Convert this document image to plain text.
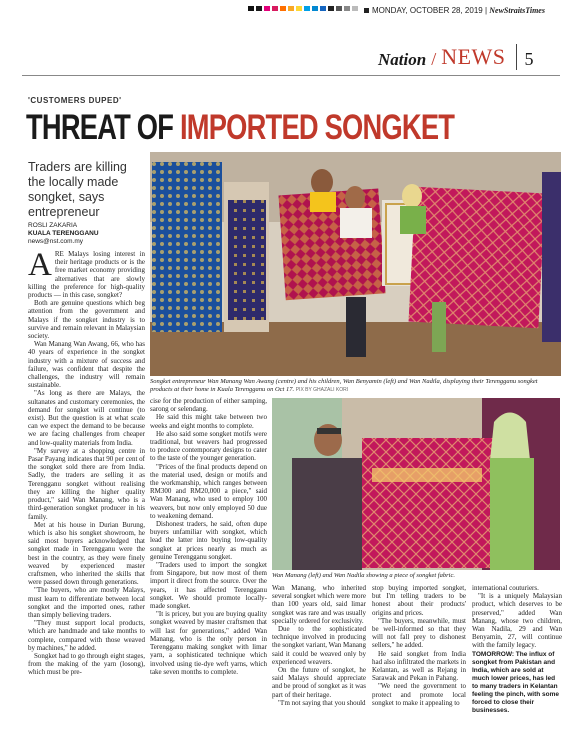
MONDAY, OCTOBER 28, 2019 | NewStraitsTimes
Nation / NEWS 5
'CUSTOMERS DUPED'
THREAT OF IMPORTED SONGKET
Traders are killing the locally made songket, says entrepreneur
ROSLI ZAKARIA
KUALA TERENGGANU
news@nst.com.my

ARE Malays losing interest in their heritage products or is the free market economy providing alternatives that are slowly killing the preference for high-quality products — in this case, songket?

Both are genuine questions which beg attention from the government and Malays if the songket industry is to survive and remain relevant in Malaysian society.

Wan Manang Wan Awang, 66, who has 40 years of experience in the songket industry with a mixture of success and failure, was confident that despite the challenges, the industry will remain sustainable.

"As long as there are Malays, the sultanates and customary ceremonies, the demand for songket will continue (to exist). But the question is at what scale can we expect the demand to be because we are facing challenges from cheaper and low-quality materials from India.

"My survey at a shopping centre in Pasar Payang indicates that 90 per cent of the songket sold there are from India. Sadly, the traders are selling it as Terengganu songket without realising they are killing the higher quality product," said Wan Manang, who is a third-generation songket producer in his family.

Met at his house in Durian Burung, which is also his songket showroom, he said most buyers acknowledged that songket made in Terengganu were the best in the country, as they were finely weaved by experienced master craftsmen, who inherited the skills that were passed down through generations.

"The buyers, who are mostly Malays, must learn to differentiate between local songket and the imported ones, rather than simply believing traders.

"They must support local products, which are handmade and take months to complete, compared with those weaved by machines," he added.

Songket had to go through eight stages, from the making of the yarn (losong), which must be pre-

Songket entrepreneur Wan Manang Wan Awang (centre) and his children, Wan Benyamin (left) and Wan Nadila, displaying their Terengganu songket products at their home in Kuala Terengganu on Oct 17. PIX BY GHAZALI KORI

cise for the production of either samping, sarong or selendang.

He said this might take between two weeks and eight months to complete.

He also said some songket motifs were traditional, but weavers had progressed to produce contemporary designs to cater to the taste of the younger generation.

"Prices of the final products depend on the material used, design or motifs and the workmanship, which ranges between RM300 and RM20,000 a piece," said Wan Manang, who used to employ 100 weavers, but now only employed 50 due to weakening demand.

Dishonest traders, he said, often dupe buyers unfamiliar with songket, which lead the latter into buying low-quality songket at prices nearly as much as genuine Terengganu songket.

"Traders used to import the songket from Singapore, but now most of them import it direct from the source. Over the years, it has affected Terengganu songket. We should promote locally-made songket.

"It is pricey, but you are buying quality songket weaved by master craftsmen that will last for generations," added Wan Manang, who is the only person in Terengganu making songket with limar yarn, a sophisticated technique which involved using tie-dye weft yarns, which take seven months to complete.

Wan Manang (left) and Wan Nadila showing a piece of songket fabric.

Wan Manang, who inherited several songket which were more than 100 years old, said limar songket was rare and was usually specially ordered for exclusivity.

Due to the sophisticated technique involved in producing the songket variant, Wan Manang said it could be weaved only by experienced weavers.

On the future of songket, he said Malays should appreciate and be proud of songket as it was part of their heritage.

"I'm not saying that you should

stop buying imported songket, but I'm telling traders to be honest about their products' origins and prices.

"The buyers, meanwhile, must be well-informed so that they will not fall prey to dishonest sellers," he added.

He said songket from India had also infiltrated the markets in Kelantan, as well as Rejang in Sarawak and Pekan in Pahang.

"We need the government to protect and promote local songket to make it appealing to

international couturiers.

"It is a uniquely Malaysian product, which deserves to be preserved," added Wan Manang, whose two children, Wan Nadila, 29 and Wan Benyamin, 27, will continue with the family legacy.

TOMORROW: The influx of songket from Pakistan and India, which are sold at much lower prices, has led to many traders in Kelantan feeling the pinch, with some forced to close their businesses.
